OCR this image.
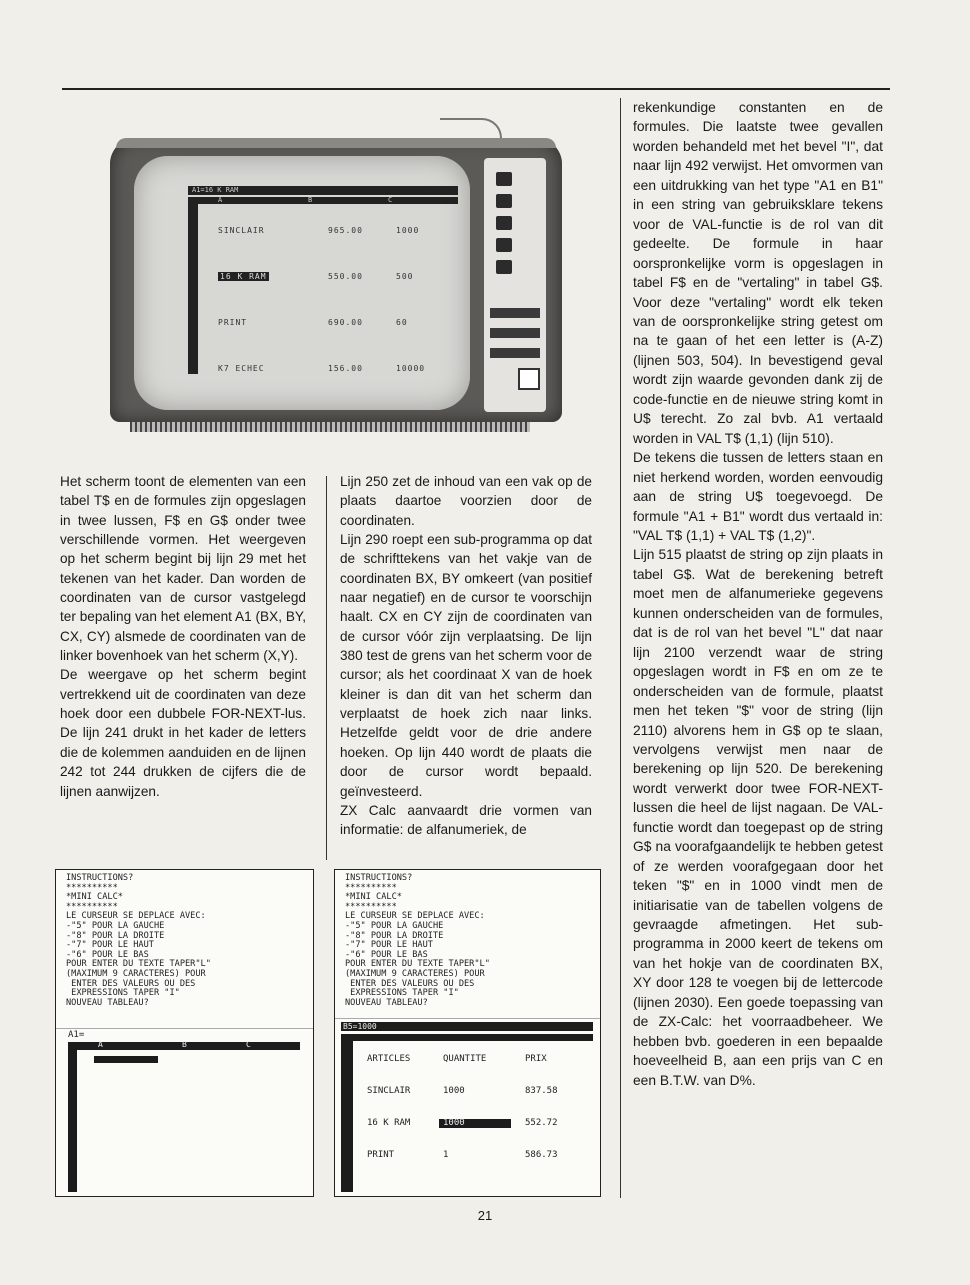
A1=16 K RAM
A	B	C
SINCLAIR	965.00	1000
16 K RAM	550.00	500
PRINT	690.00	60
K7 ECHEC	156.00	10000

Het scherm toont de elementen van een tabel T$ en de formules zijn opgeslagen in twee lussen, F$ en G$ onder twee verschillende vormen. Het weergeven op het scherm begint bij lijn 29 met het tekenen van het kader. Dan worden de coordinaten van de cursor vastgelegd ter bepaling van het element A1 (BX, BY, CX, CY) alsmede de coordinaten van de linker bovenhoek van het scherm (X,Y).

De weergave op het scherm begint vertrekkend uit de coordinaten van deze hoek door een dubbele FOR-NEXT-lus. De lijn 241 drukt in het kader de letters die de kolemmen aanduiden en de lijnen 242 tot 244 drukken de cijfers die de lijnen aanwijzen.

Lijn 250 zet de inhoud van een vak op de plaats daartoe voorzien door de coordinaten.

Lijn 290 roept een sub-programma op dat de schrifttekens van het vakje van de coordinaten BX, BY omkeert (van positief naar negatief) en de cursor te voorschijn haalt. CX en CY zijn de coordinaten van de cursor vóór zijn verplaatsing. De lijn 380 test de grens van het scherm voor de cursor; als het coordinaat X van de hoek kleiner is dan dit van het scherm dan verplaatst de hoek zich naar links. Hetzelfde geldt voor de drie andere hoeken. Op lijn 440 wordt de plaats die door de cursor wordt bepaald. geïnvesteerd.

ZX Calc aanvaardt drie vormen van informatie: de alfanumeriek, de

rekenkundige constanten en de formules. Die laatste twee gevallen worden behandeld met het bevel "I", dat naar lijn 492 verwijst. Het omvormen van een uitdrukking van het type "A1 en B1" in een string van gebruiksklare tekens voor de VAL-functie is de rol van dit gedeelte. De formule in haar oorspronkelijke vorm is opgeslagen in tabel F$ en de "vertaling" in tabel G$. Voor deze "vertaling" wordt elk teken van de oorspronkelijke string getest om na te gaan of het een letter is (A-Z) (lijnen 503, 504). In bevestigend geval wordt zijn waarde gevonden dank zij de code-functie en de nieuwe string komt in U$ terecht. Zo zal bvb. A1 vertaald worden in VAL T$ (1,1) (lijn 510).

De tekens die tussen de letters staan en niet herkend worden, worden eenvoudig aan de string U$ toegevoegd. De formule "A1 + B1" wordt dus vertaald in: "VAL T$ (1,1) + VAL T$ (1,2)".

Lijn 515 plaatst de string op zijn plaats in tabel G$. Wat de berekening betreft moet men de alfanumerieke gegevens kunnen onderscheiden van de formules, dat is de rol van het bevel "L" dat naar lijn 2100 verzendt waar de string opgeslagen wordt in F$ en om ze te onderscheiden van de formule, plaatst men het teken "$" voor de string (lijn 2110) alvorens hem in G$ op te slaan, vervolgens verwijst men naar de berekening op lijn 520. De berekening wordt verwerkt door twee FOR-NEXT-lussen die heel de lijst nagaan. De VAL-functie wordt dan toegepast op de string G$ na voorafgaandelijk te hebben getest of ze werden voorafgegaan door het teken "$" en in 1000 vindt men de initiarisatie van de tabellen volgens de gevraagde afmetingen. Het sub-programma in 2000 keert de tekens om van het hokje van de coordinaten BX, XY door 128 te voegen bij de lettercode (lijnen 2030). Een goede toepassing van de ZX-Calc: het voorraadbeheer. We hebben bvb. goederen in een bepaalde hoeveelheid B, aan een prijs van C en een B.T.W. van D%.

INSTRUCTIONS?
**********
*MINI CALC*
**********
LE CURSEUR SE DEPLACE AVEC:
-"5" POUR LA GAUCHE
-"8" POUR LA DROITE
-"7" POUR LE HAUT
-"6" POUR LE BAS
POUR ENTER DU TEXTE TAPER"L"
(MAXIMUM 9 CARACTERES) POUR
ENTER DES VALEURS OU DES
EXPRESSIONS TAPER "I"
NOUVEAU TABLEAU?
A1=
A	B	C
INSTRUCTIONS?
**********
*MINI CALC*
**********
LE CURSEUR SE DEPLACE AVEC:
-"5" POUR LA GAUCHE
-"8" POUR LA DROITE
-"7" POUR LE HAUT
-"6" POUR LE BAS
POUR ENTER DU TEXTE TAPER"L"
(MAXIMUM 9 CARACTERES) POUR
ENTER DES VALEURS OU DES
EXPRESSIONS TAPER "I"
NOUVEAU TABLEAU?
B5=1000
ARTICLES	QUANTITE	PRIX
SINCLAIR	1000	837.58
16 K RAM	1000	552.72
PRINT	1	586.73
21
